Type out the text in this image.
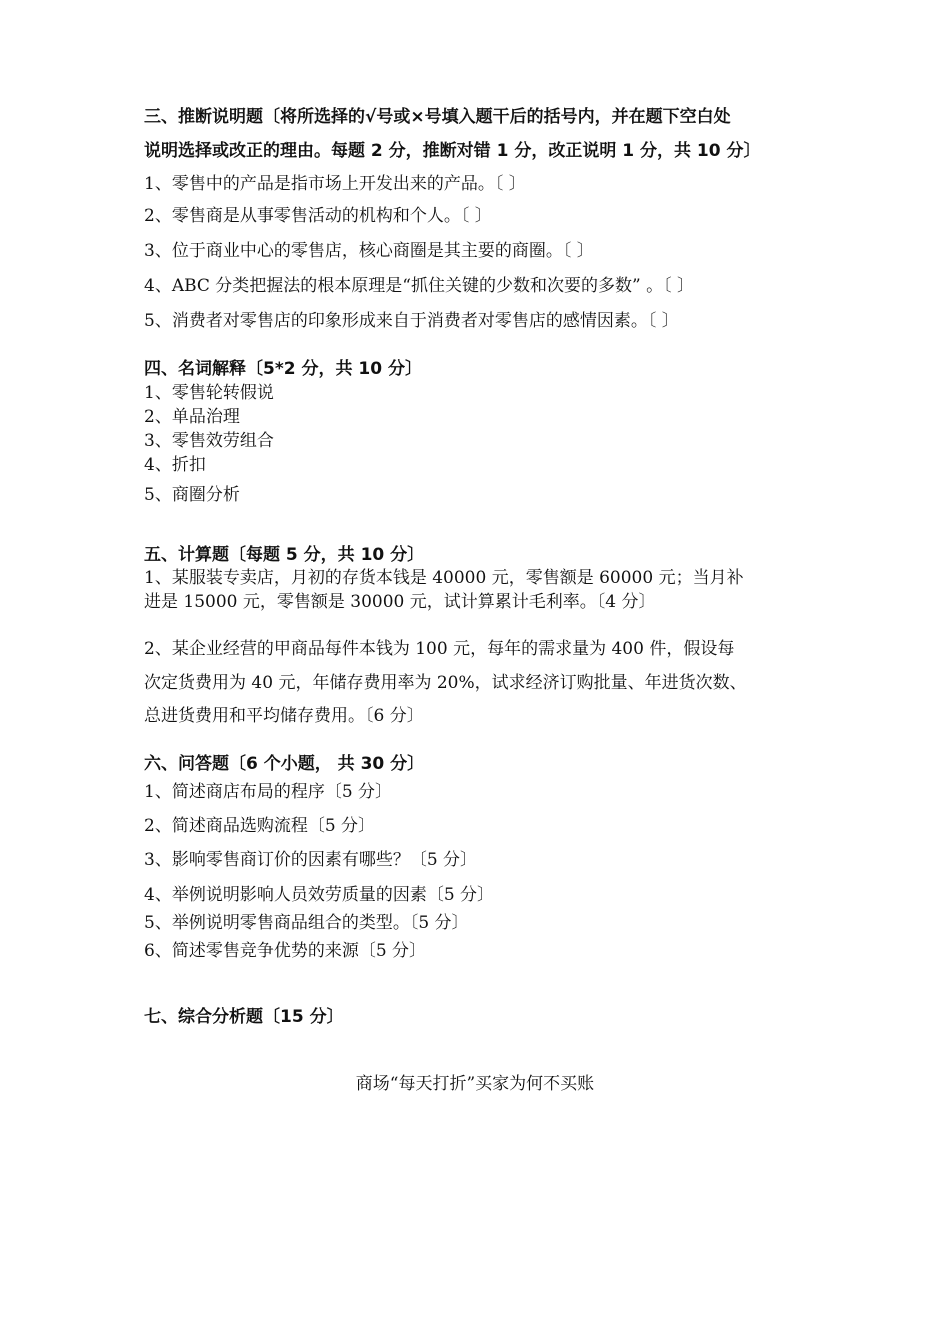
三、推断说明题〔将所选择的√号或×号填入题干后的括号内，并在题下空白处
说明选择或改正的理由。每题 2 分，推断对错 1 分，改正说明 1 分，共 10 分〕
1、零售中的产品是指市场上开发出来的产品。〔 〕
2、零售商是从事零售活动的机构和个人。〔 〕
3、位于商业中心的零售店，核心商圈是其主要的商圈。〔 〕
4、ABC 分类把握法的根本原理是“抓住关键的少数和次要的多数” 。〔 〕
5、消费者对零售店的印象形成来自于消费者对零售店的感情因素。〔 〕
四、名词解释〔5*2 分，共 10 分〕
1、零售轮转假说
2、单品治理
3、零售效劳组合
4、折扣
5、商圈分析
五、计算题〔每题 5 分，共 10 分〕
1、某服装专卖店，月初的存货本钱是 40000 元，零售额是 60000 元；当月补
进是 15000 元，零售额是 30000 元，试计算累计毛利率。〔4 分〕
2、某企业经营的甲商品每件本钱为 100 元，每年的需求量为 400 件，假设每
次定货费用为 40 元，年储存费用率为 20%，试求经济订购批量、年进货次数、
总进货费用和平均储存费用。〔6 分〕
六、问答题〔6 个小题， 共 30 分〕
1、简述商店布局的程序〔5 分〕
2、简述商品选购流程〔5 分〕
3、影响零售商订价的因素有哪些？〔5 分〕
4、举例说明影响人员效劳质量的因素〔5 分〕
5、举例说明零售商品组合的类型。〔5 分〕
6、简述零售竞争优势的来源〔5 分〕
七、综合分析题〔15 分〕
商场“每天打折”买家为何不买账
